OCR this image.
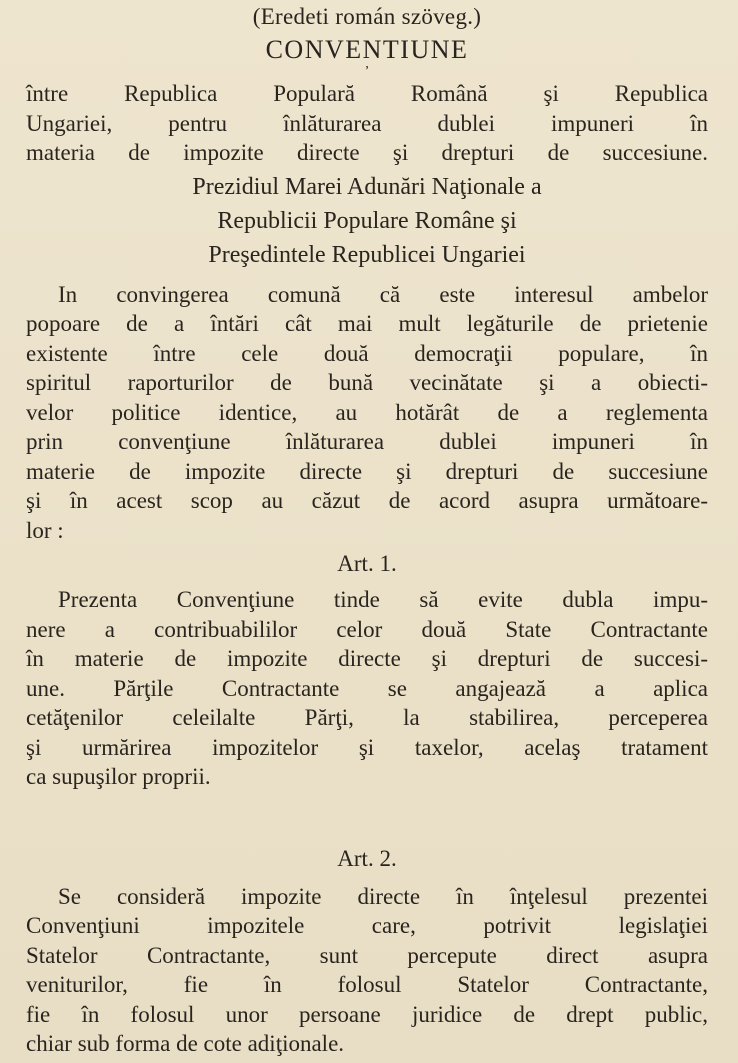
(Eredeti román szöveg.)

CONVENTIUNE

’

între Republica Populară Română şi Republica

Ungariei, pentru înlăturarea dublei impuneri în

materia de impozite directe şi drepturi de succesiune.

Prezidiul Marei Adunări Naţionale a

Republicii Populare Române şi

Preşedintele Republicei Ungariei

In convingerea comună că este interesul ambelor

popoare de a întări cât mai mult legăturile de prietenie

existente între cele două democraţii populare, în

spiritul raporturilor de bună vecinătate şi a obiecti-

velor politice identice, au hotărât de a reglementa

prin convenţiune înlăturarea dublei impuneri în

materie de impozite directe şi drepturi de succesiune

şi în acest scop au căzut de acord asupra următoare-

lor :

Art. 1.

Prezenta Convenţiune tinde să evite dubla impu-

nere a contribuabililor celor două State Contractante

în materie de impozite directe şi drepturi de succesi-

une. Părţile Contractante se angajează a aplica

cetăţenilor celeilalte Părţi, la stabilirea, perceperea

şi urmărirea impozitelor şi taxelor, acelaş tratament

ca supuşilor proprii.

Art. 2.

Se consideră impozite directe în înţelesul prezentei

Convenţiuni impozitele care, potrivit legislaţiei

Statelor Contractante, sunt percepute direct asupra

veniturilor, fie în folosul Statelor Contractante,

fie în folosul unor persoane juridice de drept public,

chiar sub forma de cote adiţionale.
